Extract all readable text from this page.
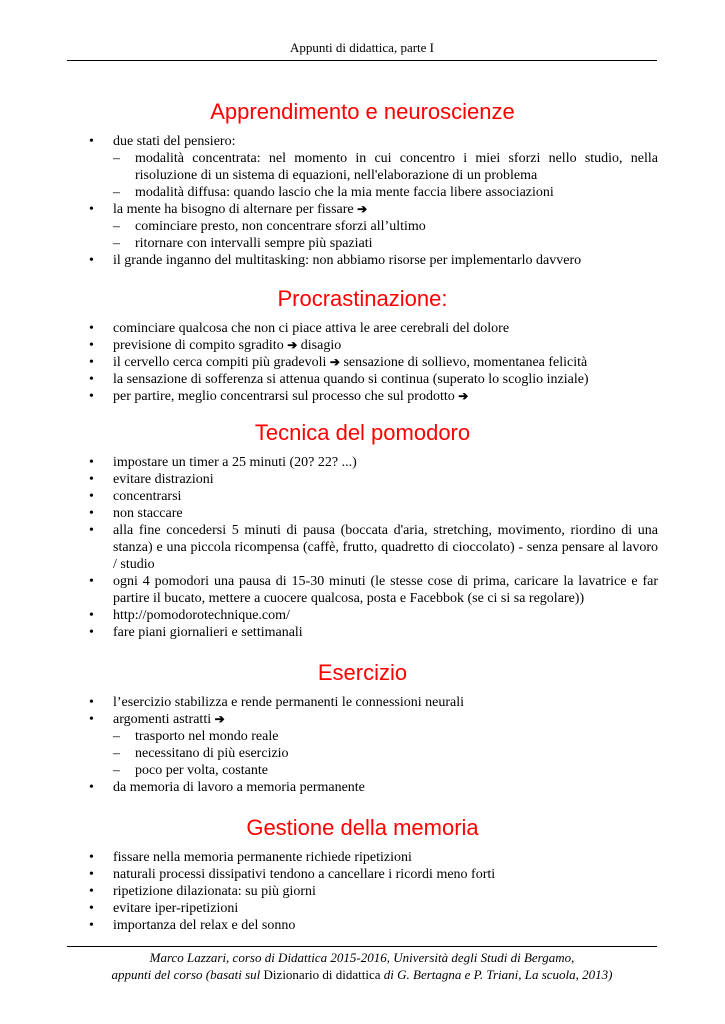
Appunti di didattica, parte I
Apprendimento e neuroscienze
• due stati del pensiero:
– modalità concentrata: nel momento in cui concentro i miei sforzi nello studio, nella risoluzione di un sistema di equazioni, nell'elaborazione di un problema
– modalità diffusa: quando lascio che la mia mente faccia libere associazioni
• la mente ha bisogno di alternare per fissare ➔
– cominciare presto, non concentrare sforzi all’ultimo
– ritornare con intervalli sempre più spaziati
• il grande inganno del multitasking: non abbiamo risorse per implementarlo davvero
Procrastinazione:
• cominciare qualcosa che non ci piace attiva le aree cerebrali del dolore
• previsione di compito sgradito ➔ disagio
• il cervello cerca compiti più gradevoli ➔ sensazione di sollievo, momentanea felicità
• la sensazione di sofferenza si attenua quando si continua (superato lo scoglio inziale)
• per partire, meglio concentrarsi sul processo che sul prodotto ➔
Tecnica del pomodoro
• impostare un timer a 25 minuti (20? 22? ...)
• evitare distrazioni
• concentrarsi
• non staccare
• alla fine concedersi 5 minuti di pausa (boccata d'aria, stretching, movimento, riordino di una stanza) e una piccola ricompensa (caffè, frutto, quadretto di cioccolato) - senza pensare al lavoro / studio
• ogni 4 pomodori una pausa di 15-30 minuti (le stesse cose di prima, caricare la lavatrice e far partire il bucato, mettere a cuocere qualcosa, posta e Facebbok (se ci si sa regolare))
• http://pomodorotechnique.com/
• fare piani giornalieri e settimanali
Esercizio
• l’esercizio stabilizza e rende permanenti le connessioni neurali
• argomenti astratti ➔
– trasporto nel mondo reale
– necessitano di più esercizio
– poco per volta, costante
• da memoria di lavoro a memoria permanente
Gestione della memoria
• fissare nella memoria permanente richiede ripetizioni
• naturali processi dissipativi tendono a cancellare i ricordi meno forti
• ripetizione dilazionata: su più giorni
• evitare iper-ripetizioni
• importanza del relax e del sonno
Marco Lazzari, corso di Didattica 2015-2016, Università degli Studi di Bergamo,
appunti del corso (basati sul Dizionario di didattica di G. Bertagna e P. Triani, La scuola, 2013)
